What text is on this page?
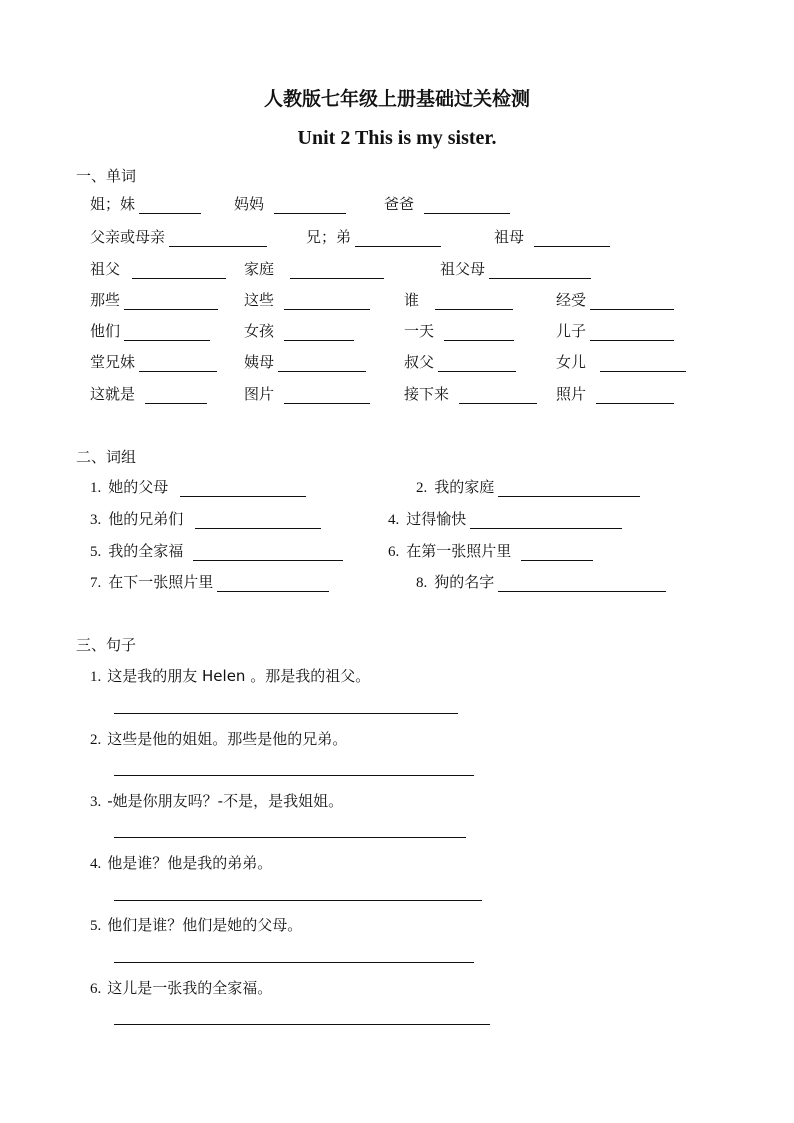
人教版七年级上册基础过关检测
Unit 2 This is my sister.
一、单词
姐；妹	妈妈	爸爸
父亲或母亲	兄；弟	祖母
祖父	家庭	祖父母
那些	这些	谁	经受
他们	女孩	一天	儿子
堂兄妹	姨母	叔父	女儿
这就是	图片	接下来	照片
二、词组
1. 她的父母	2. 我的家庭
3. 他的兄弟们	4. 过得愉快
5. 我的全家福	6. 在第一张照片里
7. 在下一张照片里	8. 狗的名字
三、句子
1. 这是我的朋友 Helen 。那是我的祖父。
2. 这些是他的姐姐。那些是他的兄弟。
3. -她是你朋友吗？-不是，是我姐姐。
4. 他是谁？他是我的弟弟。
5. 他们是谁？他们是她的父母。
6. 这儿是一张我的全家福。
